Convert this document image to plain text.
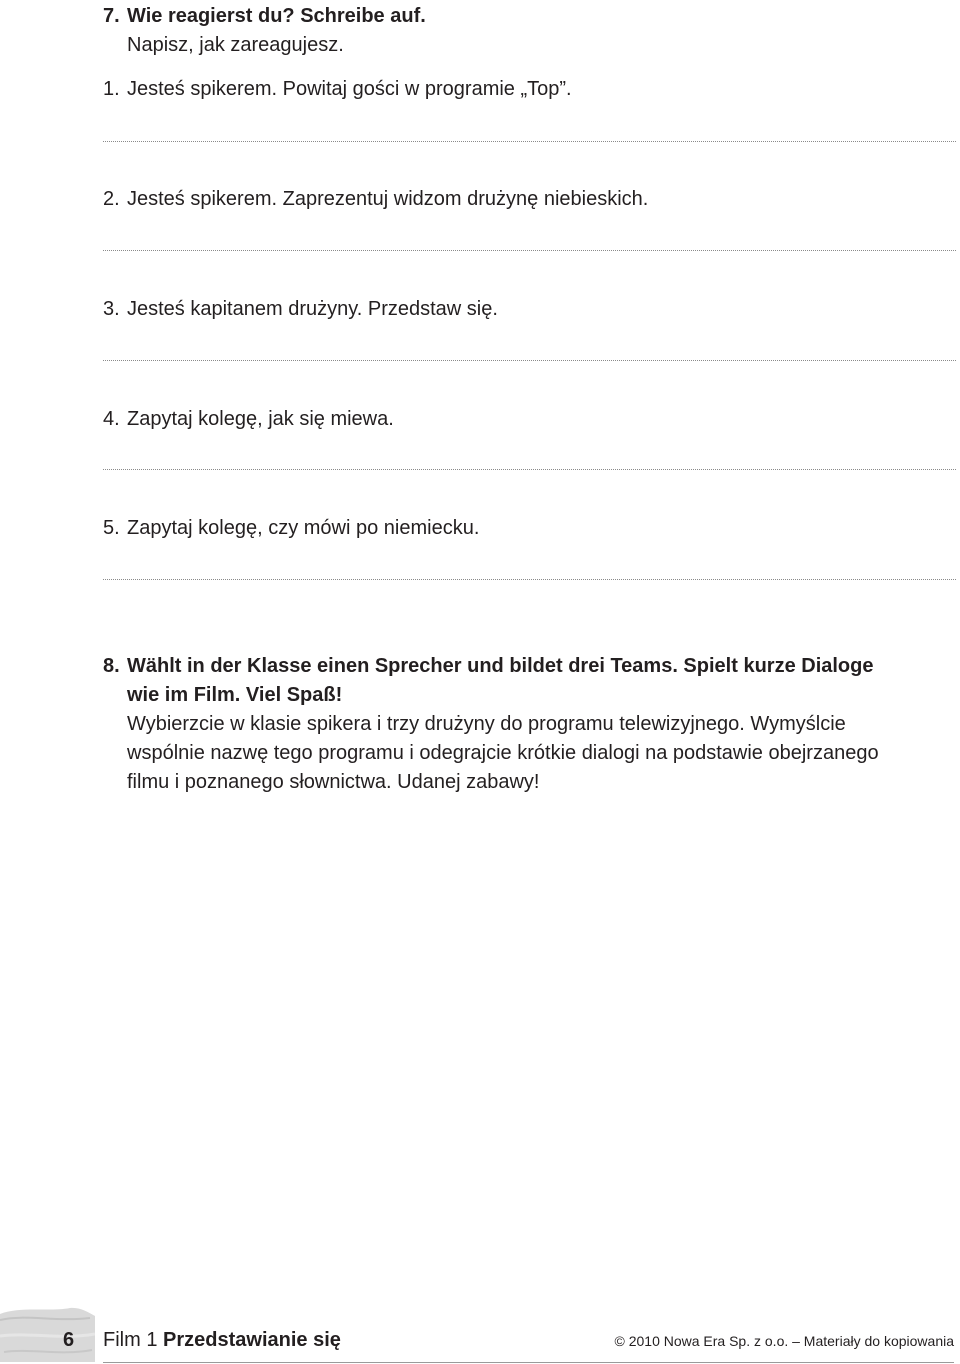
7. Wie reagierst du? Schreibe auf.
Napisz, jak zareagujesz.
1. Jesteś spikerem. Powitaj gości w programie „Top”.
2. Jesteś spikerem. Zaprezentuj widzom drużynę niebieskich.
3. Jesteś kapitanem drużyny. Przedstaw się.
4. Zapytaj kolegę, jak się miewa.
5. Zapytaj kolegę, czy mówi po niemiecku.
8. Wählt in der Klasse einen Sprecher und bildet drei Teams. Spielt kurze Dialoge
wie im Film. Viel Spaß!
Wybierzcie w klasie spikera i trzy drużyny do programu telewizyjnego. Wymyślcie
wspólnie nazwę tego programu i odegrajcie krótkie dialogi na podstawie obejrzanego
filmu i poznanego słownictwa. Udanej zabawy!
6 Film 1 Przedstawianie się	© 2010 Nowa Era Sp. z o.o. – Materiały do kopiowania
